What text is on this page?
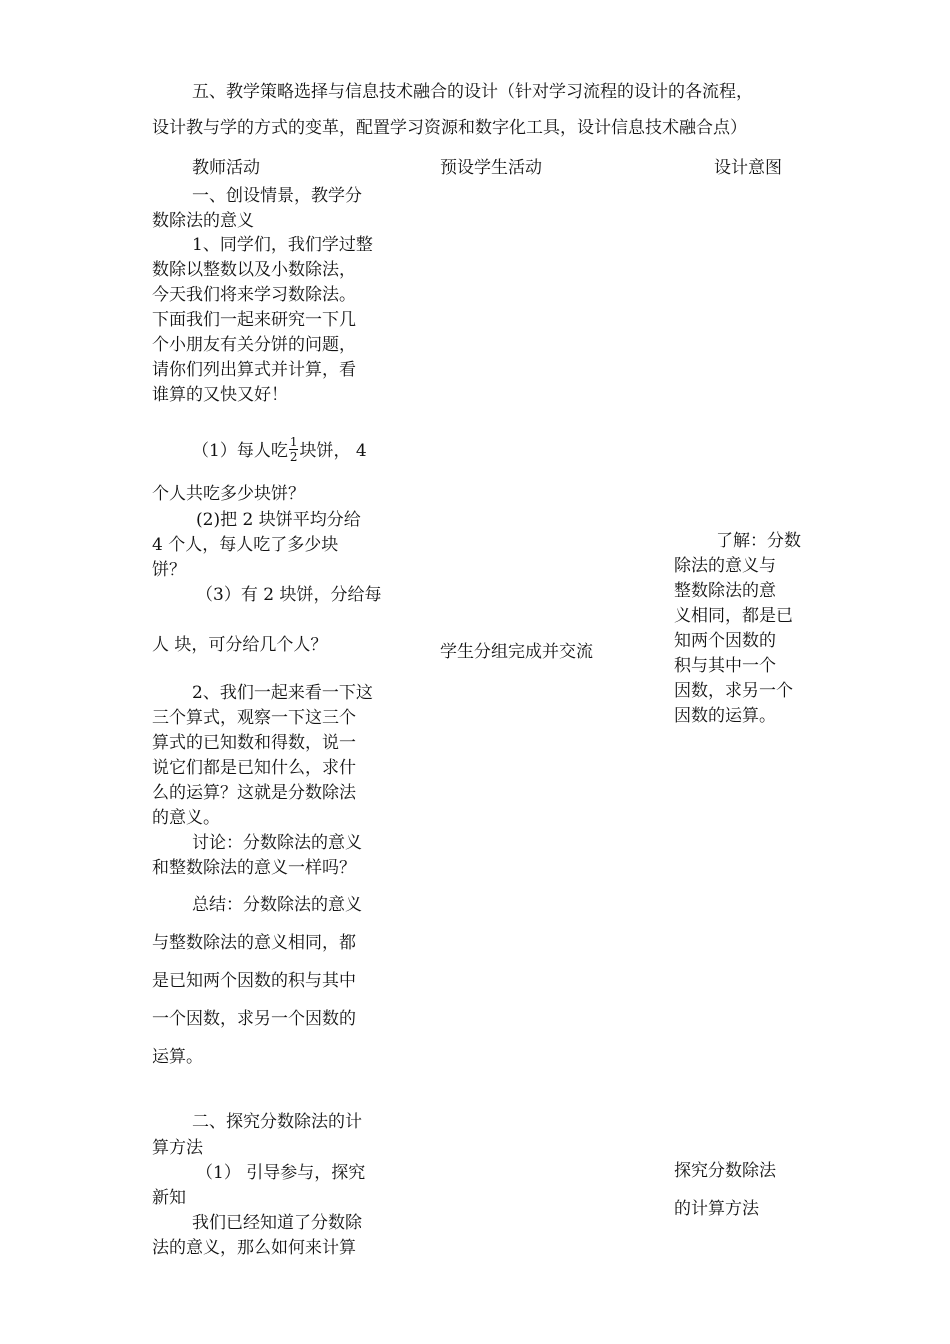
五、教学策略选择与信息技术融合的设计（针对学习流程的设计的各流程，
设计教与学的方式的变革，配置学习资源和数字化工具，设计信息技术融合点）
教师活动	预设学生活动	设计意图
一、创设情景，教学分
数除法的意义
1、同学们，我们学过整
数除以整数以及小数除法，
今天我们将来学习数除法。
下面我们一起来研究一下几
个小朋友有关分饼的问题，
请你们列出算式并计算，看
谁算的又快又好！
（1）每人吃 $\frac{1}{2}$ 块饼， 4
个人共吃多少块饼？
(2)把 2 块饼平均分给
4 个人，每人吃了多少块
饼？
（3）有 2 块饼，分给每
人 块，可分给几个人？
2、我们一起来看一下这
三个算式，观察一下这三个
算式的已知数和得数，说一
说它们都是已知什么，求什
么的运算？这就是分数除法
的意义。
讨论：分数除法的意义
和整数除法的意义一样吗？
总结：分数除法的意义
与整数除法的意义相同，都
是已知两个因数的积与其中
一个因数，求另一个因数的
运算。
二、探究分数除法的计
算方法
（1） 引导参与，探究
新知
我们已经知道了分数除
法的意义，那么如何来计算
学生分组完成并交流
了解：分数
除法的意义与
整数除法的意
义相同，都是已
知两个因数的
积与其中一个
因数，求另一个
因数的运算。
探究分数除法
的计算方法
